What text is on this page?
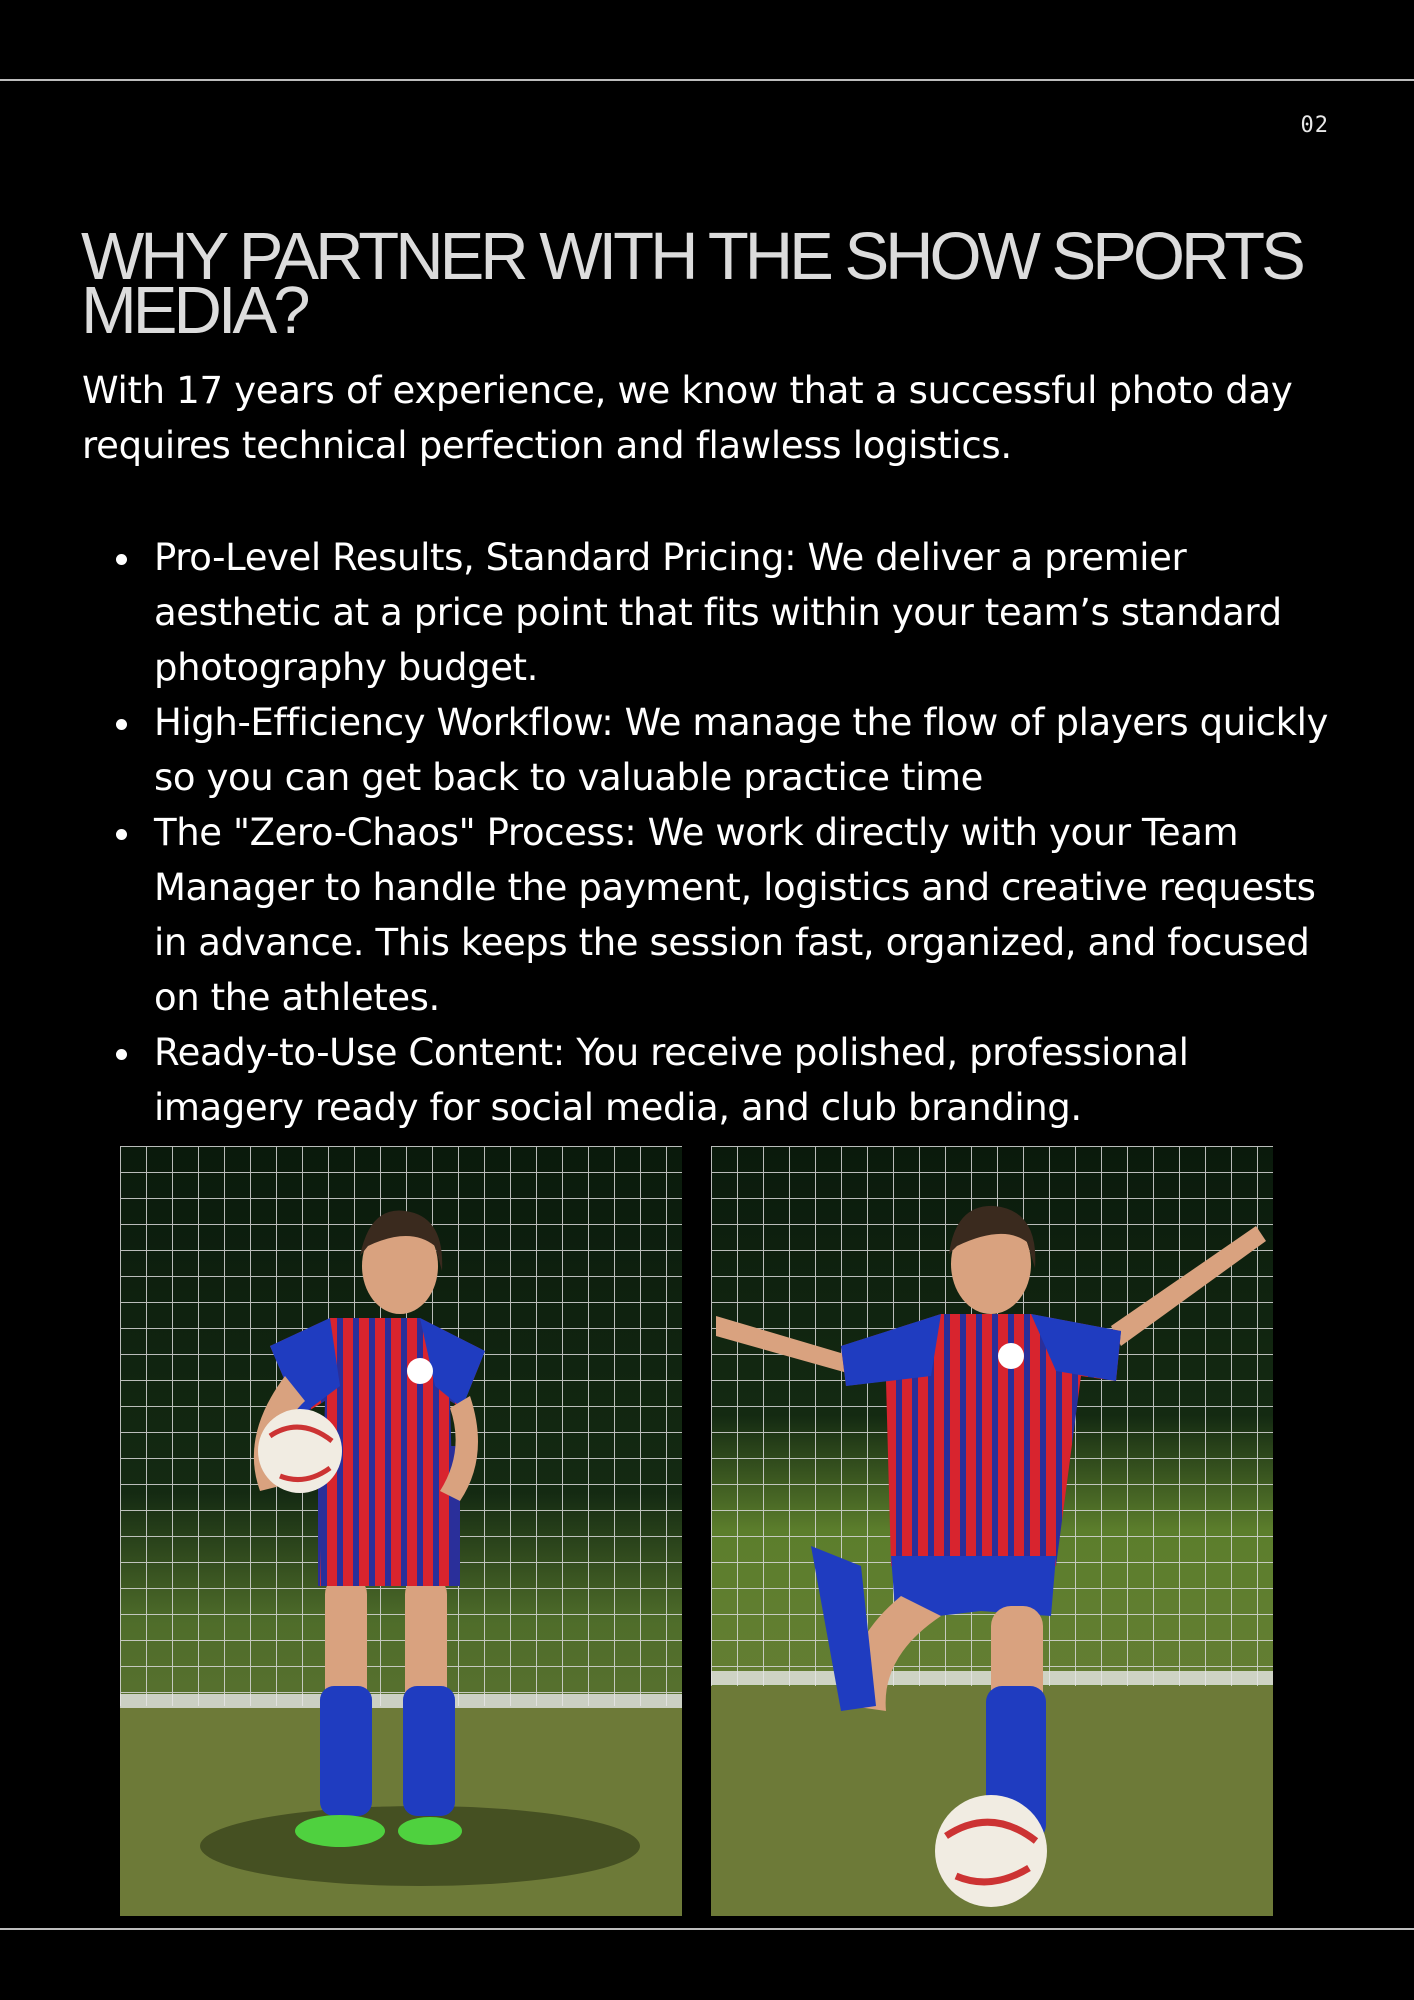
02
WHY PARTNER WITH THE SHOW SPORTS MEDIA?

With 17 years of experience, we know that a successful photo day requires technical perfection and flawless logistics.

Pro-Level Results, Standard Pricing: We deliver a premier aesthetic at a price point that fits within your team’s standard photography budget.
High-Efficiency Workflow: We manage the flow of players quickly so you can get back to valuable practice time
The "Zero-Chaos" Process: We work directly with your Team Manager to handle the payment, logistics and creative requests in advance. This keeps the session fast, organized, and focused on the athletes.
Ready-to-Use Content: You receive polished, professional imagery ready for social media, and club branding.
